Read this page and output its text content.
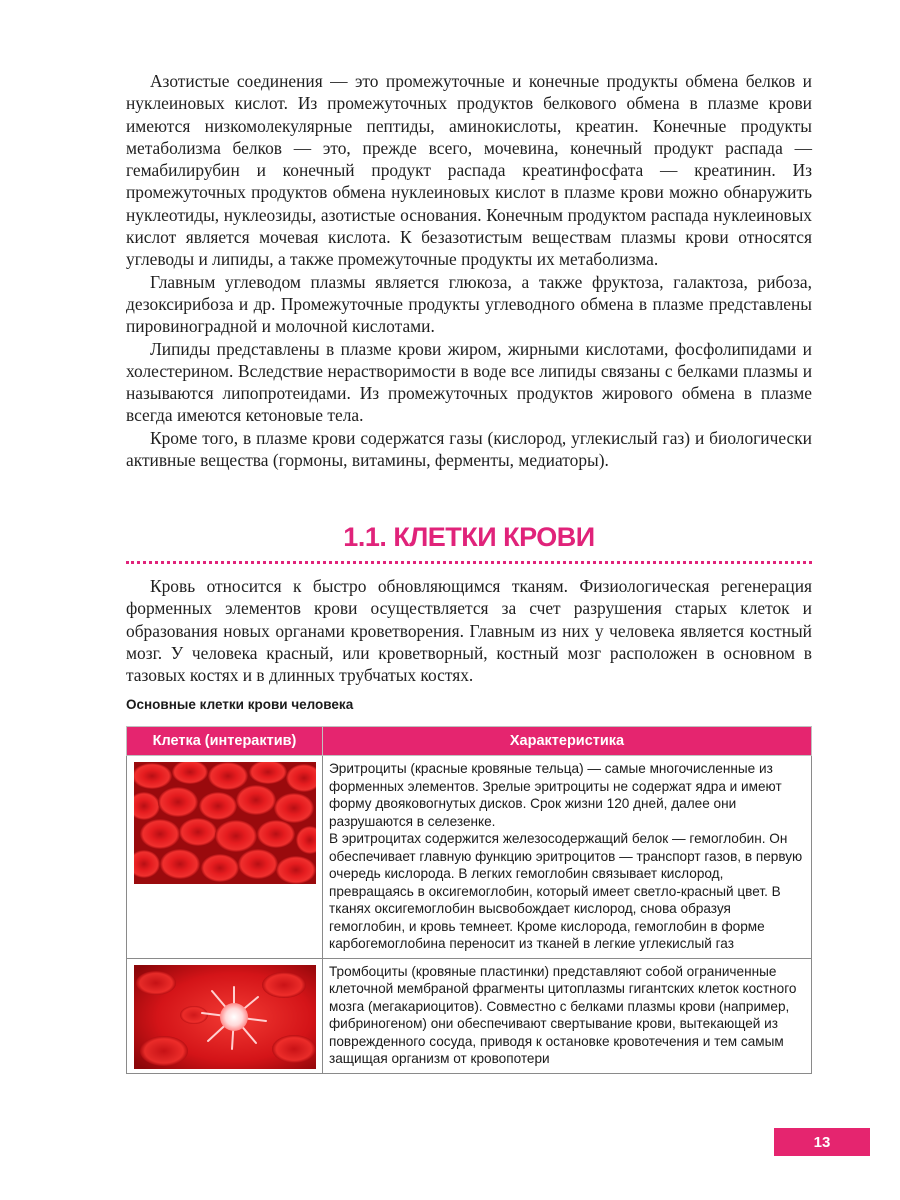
Азотистые соединения — это промежуточные и конечные продукты обмена белков и нуклеиновых кислот. Из промежуточных продуктов белкового обмена в плазме крови имеются низкомолекулярные пептиды, аминокислоты, креатин. Конечные продукты метаболизма белков — это, прежде всего, мочевина, конечный продукт распада — гемабилирубин и конечный продукт распада креатинфосфата — креатинин. Из промежуточных продуктов обмена нуклеиновых кислот в плазме крови можно обнаружить нуклеотиды, нуклеозиды, азотистые основания. Конечным продуктом распада нуклеиновых кислот является мочевая кислота. К безазотистым веществам плазмы крови относятся углеводы и липиды, а также промежуточные продукты их метаболизма.

Главным углеводом плазмы является глюкоза, а также фруктоза, галактоза, рибоза, дезоксирибоза и др. Промежуточные продукты углеводного обмена в плазме представлены пировиноградной и молочной кислотами.

Липиды представлены в плазме крови жиром, жирными кислотами, фосфолипидами и холестерином. Вследствие нерастворимости в воде все липиды связаны с белками плазмы и называются липопротеидами. Из промежуточных продуктов жирового обмена в плазме всегда имеются кетоновые тела.

Кроме того, в плазме крови содержатся газы (кислород, углекислый газ) и биологически активные вещества (гормоны, витамины, ферменты, медиаторы).

1.1. КЛЕТКИ КРОВИ

Кровь относится к быстро обновляющимся тканям. Физиологическая регенерация форменных элементов крови осуществляется за счет разрушения старых клеток и образования новых органами кроветворения. Главным из них у человека является костный мозг. У человека красный, или кроветворный, костный мозг расположен в основном в тазовых костях и в длинных трубчатых костях.

Основные клетки крови человека
Клетка (интерактив)	Характеристика

Эритроциты (красные кровяные тельца) — самые многочисленные из форменных элементов. Зрелые эритроциты не содержат ядра и имеют форму двояковогнутых дисков. Срок жизни 120 дней, далее они разрушаются в селезенке.

В эритроцитах содержится железосодержащий белок — гемоглобин. Он обеспечивает главную функцию эритроцитов — транспорт газов, в первую очередь кислорода. В легких гемоглобин связывает кислород, превращаясь в оксигемоглобин, который имеет светло-красный цвет. В тканях оксигемоглобин высвобождает кислород, снова образуя гемоглобин, и кровь темнеет. Кроме кислорода, гемоглобин в форме карбогемоглобина переносит из тканей в легкие углекислый газ

Тромбоциты (кровяные пластинки) представляют собой ограниченные клеточной мембраной фрагменты цитоплазмы гигантских клеток костного мозга (мегакариоцитов). Совместно с белками плазмы крови (например, фибриногеном) они обеспечивают свертывание крови, вытекающей из поврежденного сосуда, приводя к остановке кровотечения и тем самым защищая организм от кровопотери

13
